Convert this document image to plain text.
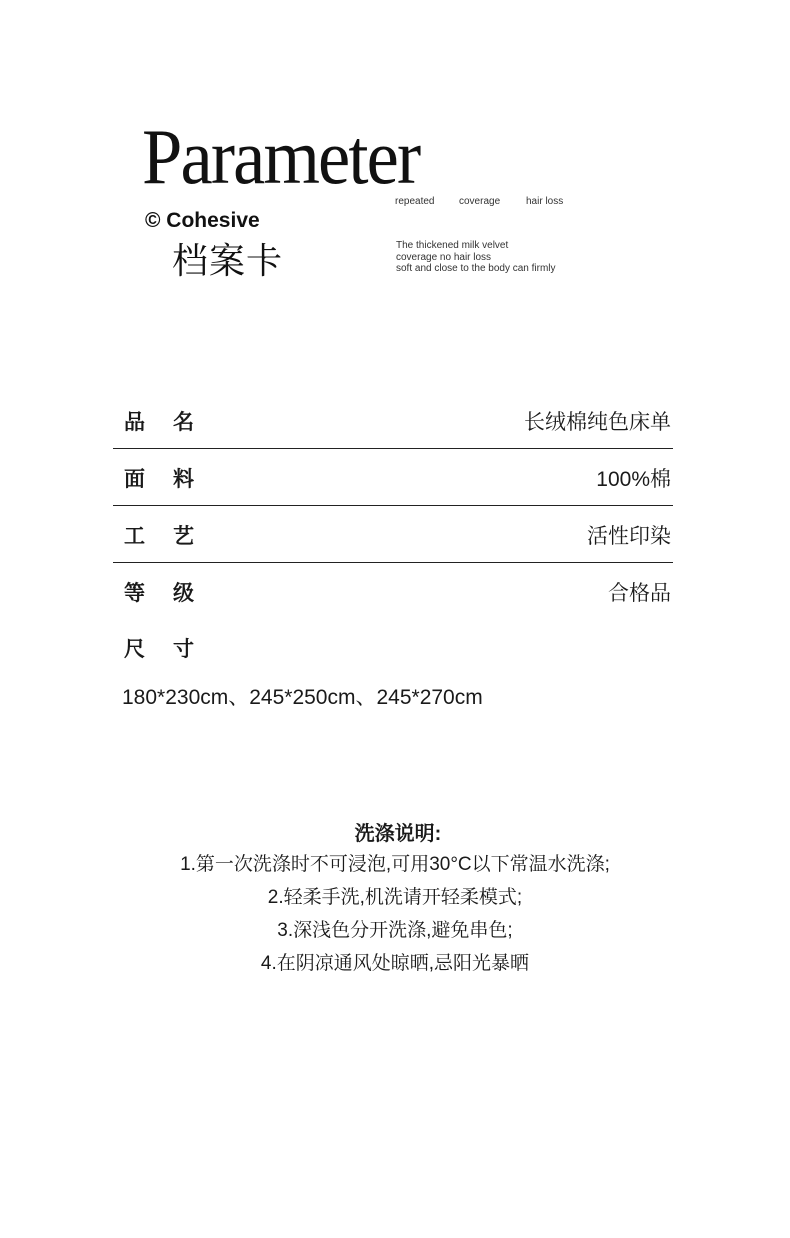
Parameter
repeated coverage	hair loss
© Cohesive
档案卡	The thickened milk velvet
coverage no hair loss
soft and close to the body can firmly
品名	长绒棉纯色床单
面料	100%棉
工艺	活性印染
等级	合格品
尺寸
180*230cm、245*250cm、245*270cm
洗涤说明:
1.第一次洗涤时不可浸泡,可用30°C以下常温水洗涤;
2.轻柔手洗,机洗请开轻柔模式;
3.深浅色分开洗涤,避免串色;
4.在阴凉通风处晾晒,忌阳光暴晒
